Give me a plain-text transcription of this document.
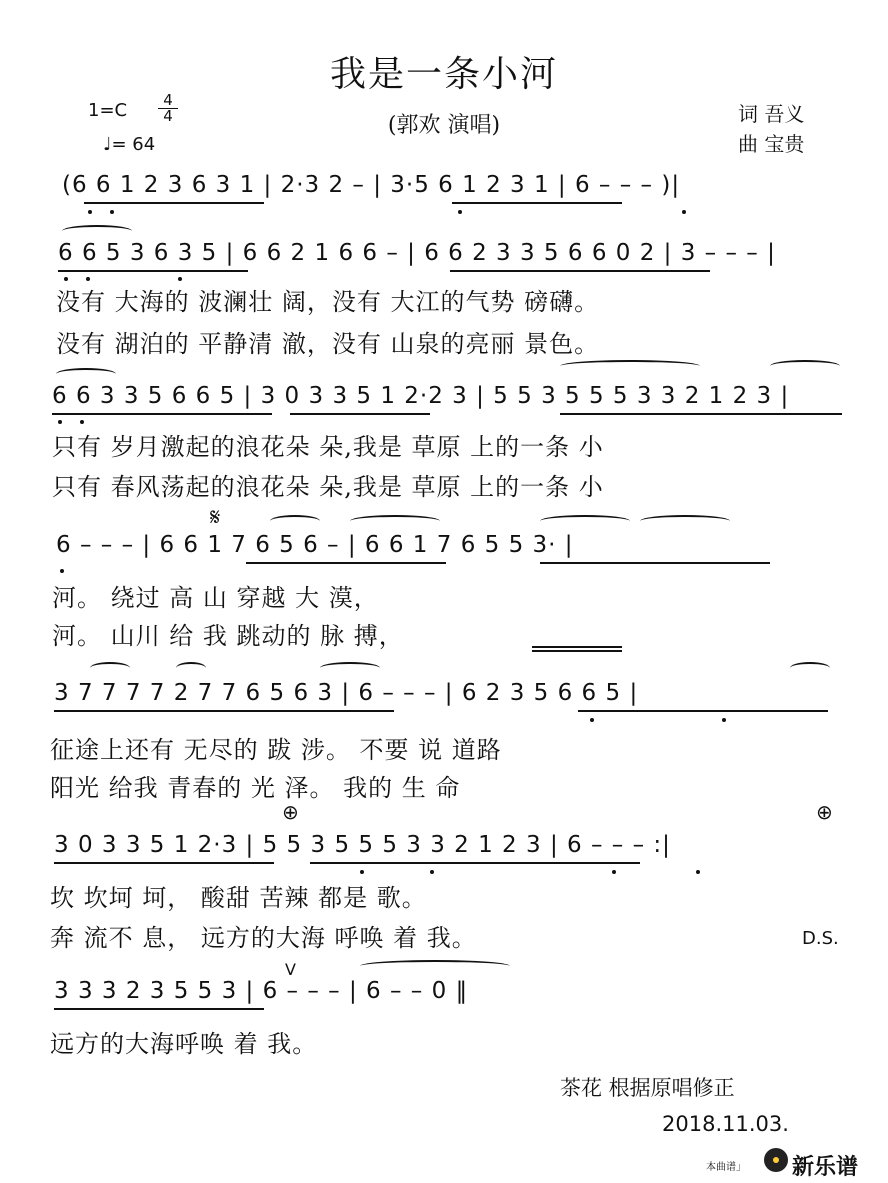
我是一条小河
(郭欢 演唱)
1=C	4
4
♩= 64
词 吾义
曲 宝贵
(6 6 1 2 3 6 3 1 | 2·3 2 – | 3·5 6 1 2 3 1 | 6 – – – )|
6 6 5 3 6 3 5 | 6 6 2 1 6 6 – | 6 6 2 3 3 5 6 6 0 2 | 3 – – – |
没有 大海的 波澜壮 阔，没有 大江的气势 磅礴。
没有 湖泊的 平静清 澈，没有 山泉的亮丽 景色。
6 6 3 3 5 6 6 5 | 3 0 3 3 5 1 2·2 3 | 5 5 3 5 5 5 3 3 2 1 2 3 |
只有 岁月激起的浪花朵 朵,我是 草原 上的一条 小
只有 春风荡起的浪花朵 朵,我是 草原 上的一条 小
𝄋
6 – – – | 6 6 1 7 6 5 6 – | 6 6 1 7 6 5 5 3· |
河。 绕过 高 山 穿越 大 漠，
河。 山川 给 我 跳动的 脉 搏，
3 7 7 7 7 2 7 7 6 5 6 3 | 6 – – – | 6 2 3 5 6 6 5 |
征途上还有 无尽的 跋 涉。 不要 说 道路
阳光 给我 青春的 光 泽。 我的 生 命
⊕	⊕
3 0 3 3 5 1 2·3 | 5 5 3 5 5 5 3 3 2 1 2 3 | 6 – – – :|
坎 坎坷 坷， 酸甜 苦辣 都是 歌。
奔 流不 息， 远方的大海 呼唤 着 我。	D.S.
V
3 3 3 2 3 5 5 3 | 6 – – – | 6 – – 0 ‖
远方的大海呼唤 着 我。
茶花 根据原唱修正
2018.11.03.
本曲谱」 新乐谱
